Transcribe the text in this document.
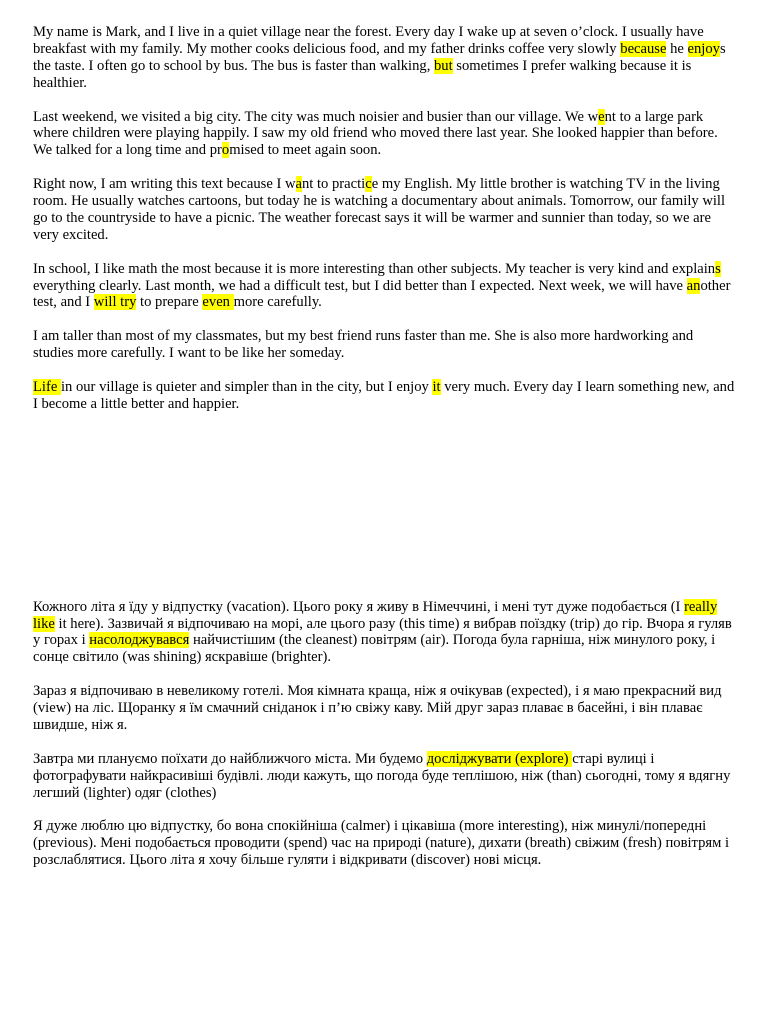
My name is Mark, and I live in a quiet village near the forest. Every day I wake up at seven o’clock. I usually have breakfast with my family. My mother cooks delicious food, and my father drinks coffee very slowly because he enjoys the taste. I often go to school by bus. The bus is faster than walking, but sometimes I prefer walking because it is healthier.

Last weekend, we visited a big city. The city was much noisier and busier than our village. We went to a large park where children were playing happily. I saw my old friend who moved there last year. She looked happier than before. We talked for a long time and promised to meet again soon.

Right now, I am writing this text because I want to practice my English. My little brother is watching TV in the living room. He usually watches cartoons, but today he is watching a documentary about animals. Tomorrow, our family will go to the countryside to have a picnic. The weather forecast says it will be warmer and sunnier than today, so we are very excited.

In school, I like math the most because it is more interesting than other subjects. My teacher is very kind and explains everything clearly. Last month, we had a difficult test, but I did better than I expected. Next week, we will have another test, and I will try to prepare even more carefully.

I am taller than most of my classmates, but my best friend runs faster than me. She is also more hardworking and studies more carefully. I want to be like her someday.

Life in our village is quieter and simpler than in the city, but I enjoy it very much. Every day I learn something new, and I become a little better and happier.

Кожного літа я їду у відпустку (vacation). Цього року я живу в Німеччині, і мені тут дуже подобається (I really like it here). Зазвичай я відпочиваю на морі, але цього разу (this time) я вибрав поїздку (trip) до гір. Вчора я гуляв у горах і насолоджувався найчистішим (the cleanest) повітрям (air). Погода була гарніша, ніж минулого року, і сонце світило (was shining) яскравіше (brighter).

Зараз я відпочиваю в невеликому готелі. Моя кімната краща, ніж я очікував (expected), і я маю прекрасний вид (view) на ліс. Щоранку я їм смачний сніданок і п’ю свіжу каву. Мій друг зараз плаває в басейні, і він плаває швидше, ніж я.

Завтра ми плануємо поїхати до найближчого міста. Ми будемо досліджувати (explore) старі вулиці і фотографувати найкрасивіші будівлі. люди кажуть, що погода буде теплішою, ніж (than) сьогодні, тому я вдягну легший (lighter) одяг (clothes)

Я дуже люблю цю відпустку, бо вона спокійніша (calmer) і цікавіша (more interesting), ніж минулі/попередні (previous). Мені подобається проводити (spend) час на природі (nature), дихати (breath) свіжим (fresh) повітрям і розслаблятися. Цього літа я хочу більше гуляти і відкривати (discover) нові місця.
